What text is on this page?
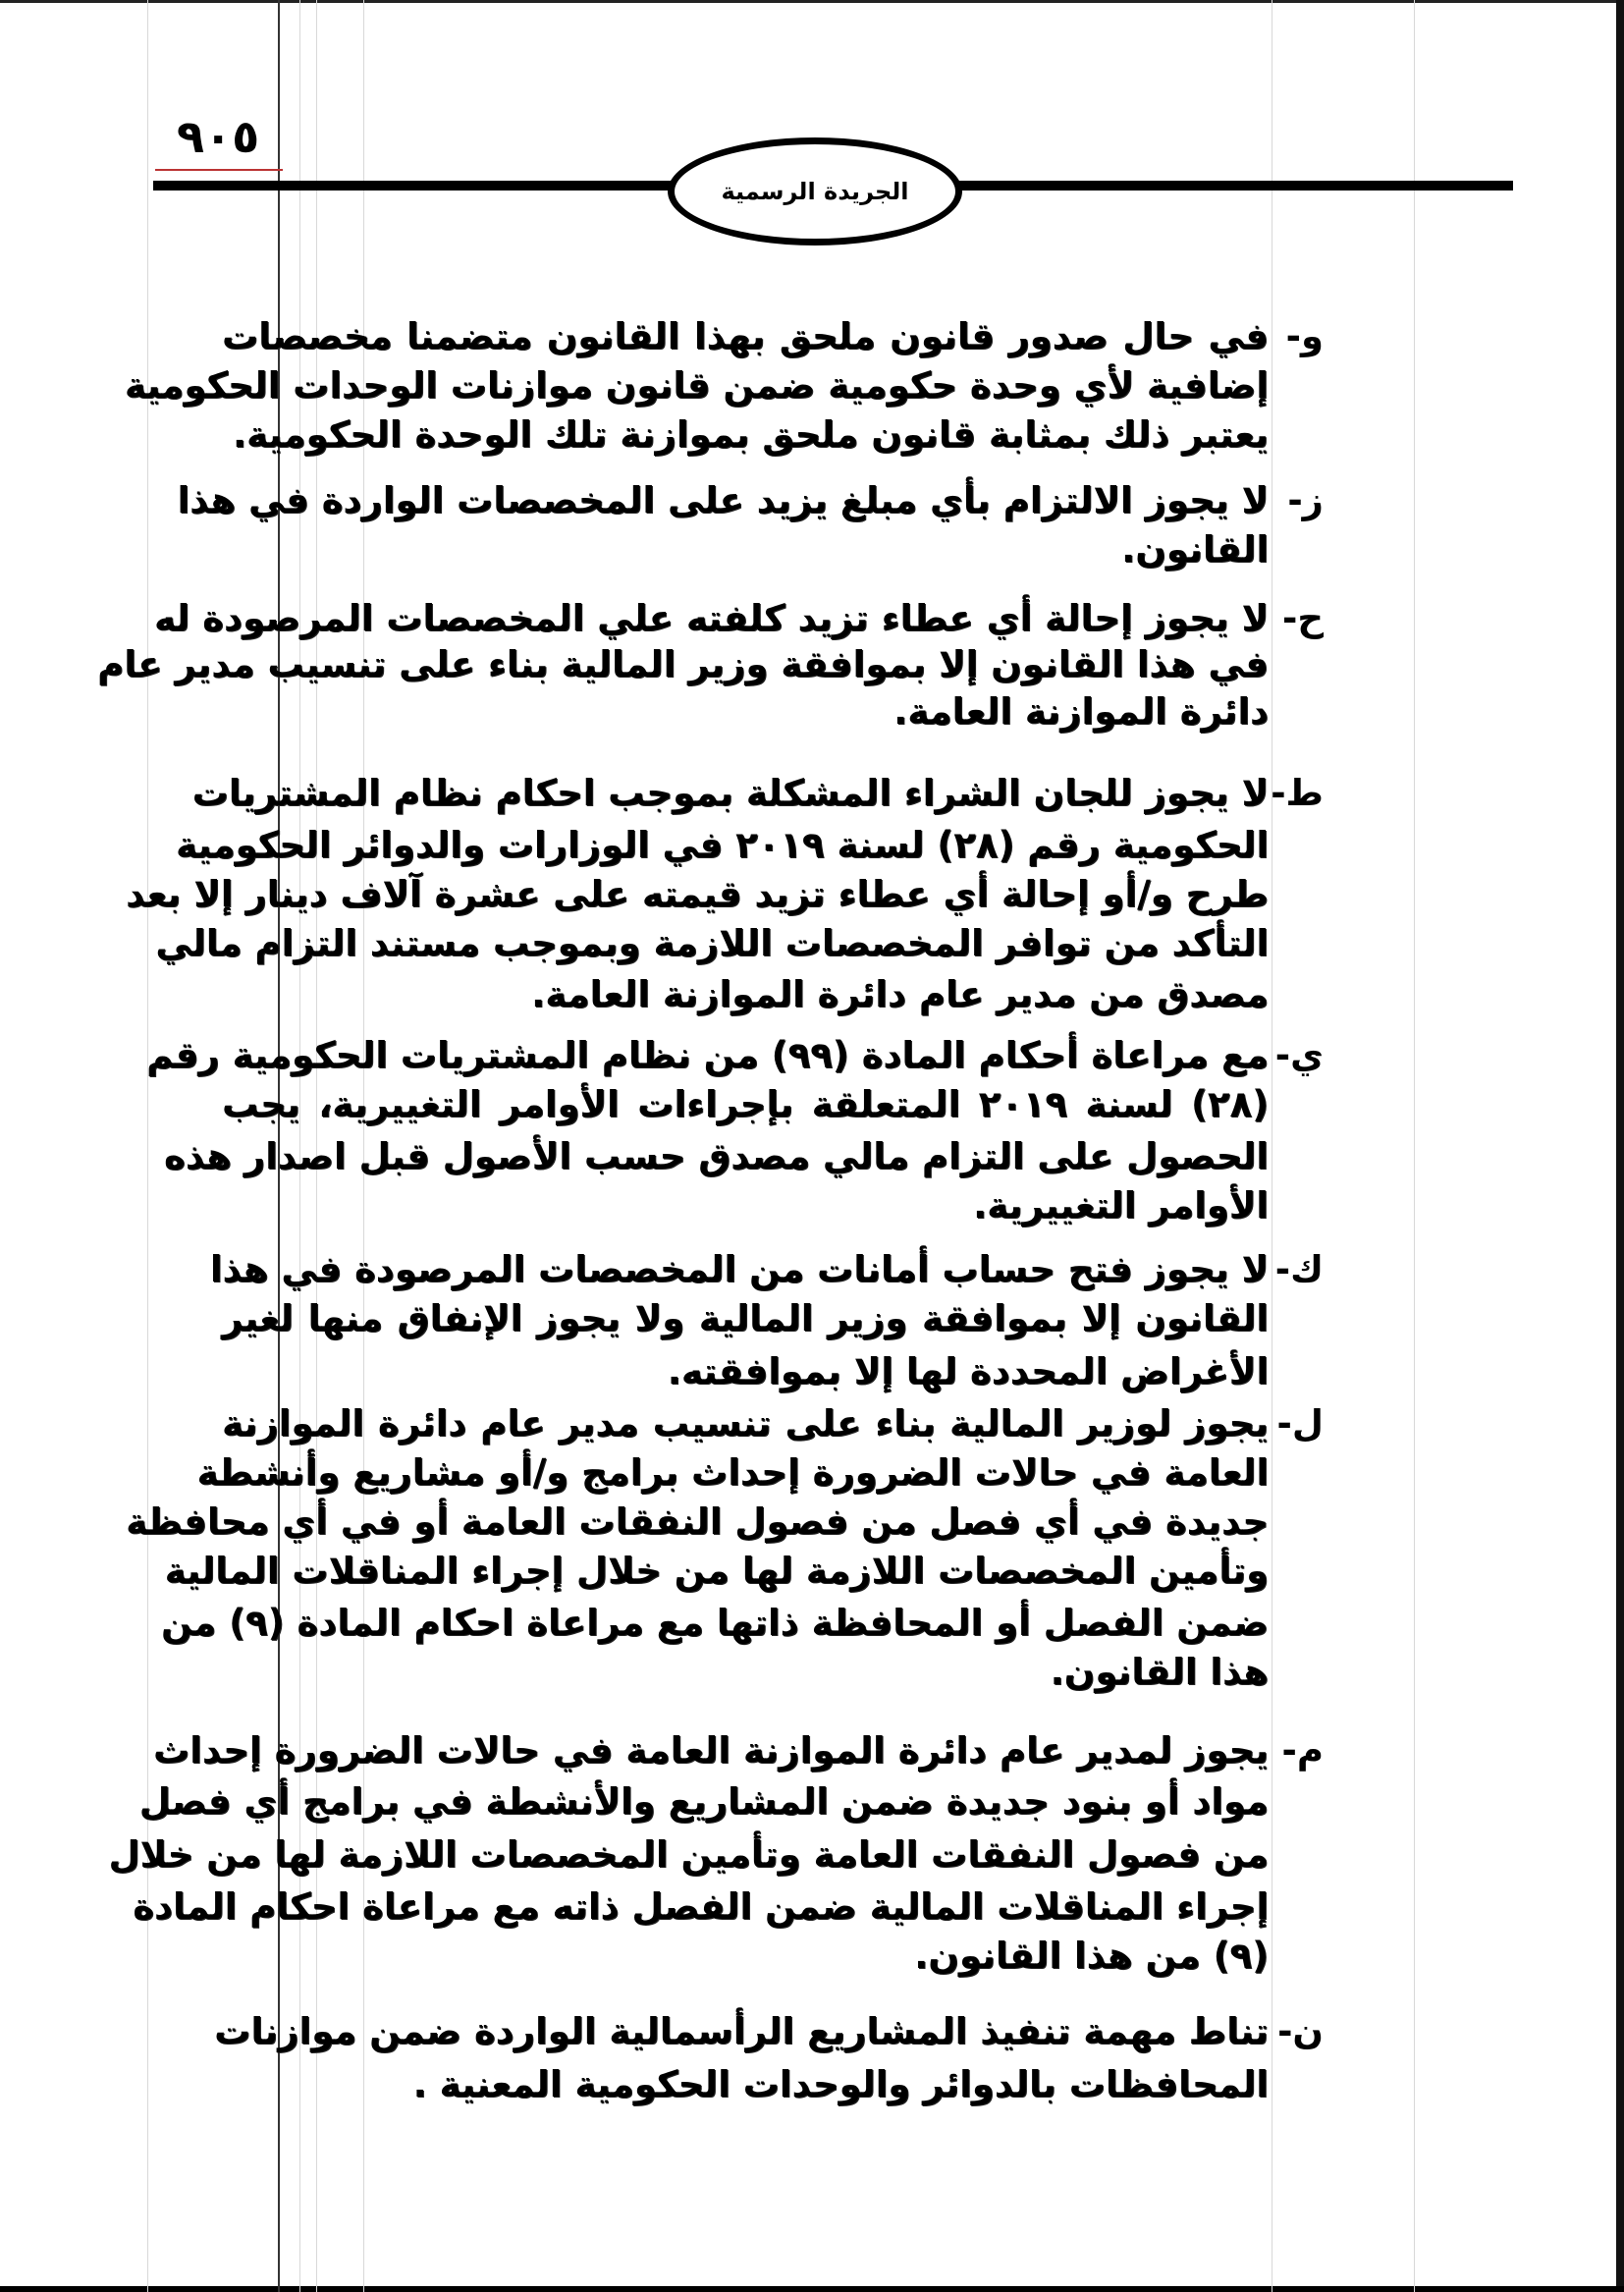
٩٠٥
الجريدة الرسمية
و-
في حال صدور قانون ملحق بهذا القانون متضمنا مخصصات
إضافية لأي وحدة حكومية ضمن قانون موازنات الوحدات الحكومية
يعتبر ذلك بمثابة قانون ملحق بموازنة تلك الوحدة الحكومية.
ز-
لا يجوز الالتزام بأي مبلغ يزيد على المخصصات الواردة في هذا
القانون.
ح-
لا يجوز إحالة أي عطاء تزيد كلفته علي المخصصات المرصودة له
في هذا القانون إلا بموافقة وزير المالية بناء على تنسيب مدير عام
دائرة الموازنة العامة.
ط-
لا يجوز للجان الشراء المشكلة بموجب احكام نظام المشتريات
الحكومية رقم (٢٨) لسنة ٢٠١٩ في الوزارات والدوائر الحكومية
طرح و/أو إحالة أي عطاء تزيد قيمته على عشرة آلاف دينار إلا بعد
التأكد من توافر المخصصات اللازمة وبموجب مستند التزام مالي
مصدق من مدير عام دائرة الموازنة العامة.
ي-
مع مراعاة أحكام المادة (٩٩) من نظام المشتريات الحكومية رقم
(٢٨) لسنة ٢٠١٩ المتعلقة بإجراءات الأوامر التغييرية، يجب
الحصول على التزام مالي مصدق حسب الأصول قبل اصدار هذه
الأوامر التغييرية.
ك-
لا يجوز فتح حساب أمانات من المخصصات المرصودة في هذا
القانون إلا بموافقة وزير المالية ولا يجوز الإنفاق منها لغير
الأغراض المحددة لها إلا بموافقته.
ل-
يجوز لوزير المالية بناء على تنسيب مدير عام دائرة الموازنة
العامة في حالات الضرورة إحداث برامج و/أو مشاريع وأنشطة
جديدة في أي فصل من فصول النفقات العامة أو في أي محافظة
وتأمين المخصصات اللازمة لها من خلال إجراء المناقلات المالية
ضمن الفصل أو المحافظة ذاتها مع مراعاة احكام المادة (٩) من
هذا القانون.
م-
يجوز لمدير عام دائرة الموازنة العامة في حالات الضرورة إحداث
مواد أو بنود جديدة ضمن المشاريع والأنشطة في برامج أي فصل
من فصول النفقات العامة وتأمين المخصصات اللازمة لها من خلال
إجراء المناقلات المالية ضمن الفصل ذاته مع مراعاة احكام المادة
(٩) من هذا القانون.
ن-
تناط مهمة تنفيذ المشاريع الرأسمالية الواردة ضمن موازنات
المحافظات بالدوائر والوحدات الحكومية المعنية .
